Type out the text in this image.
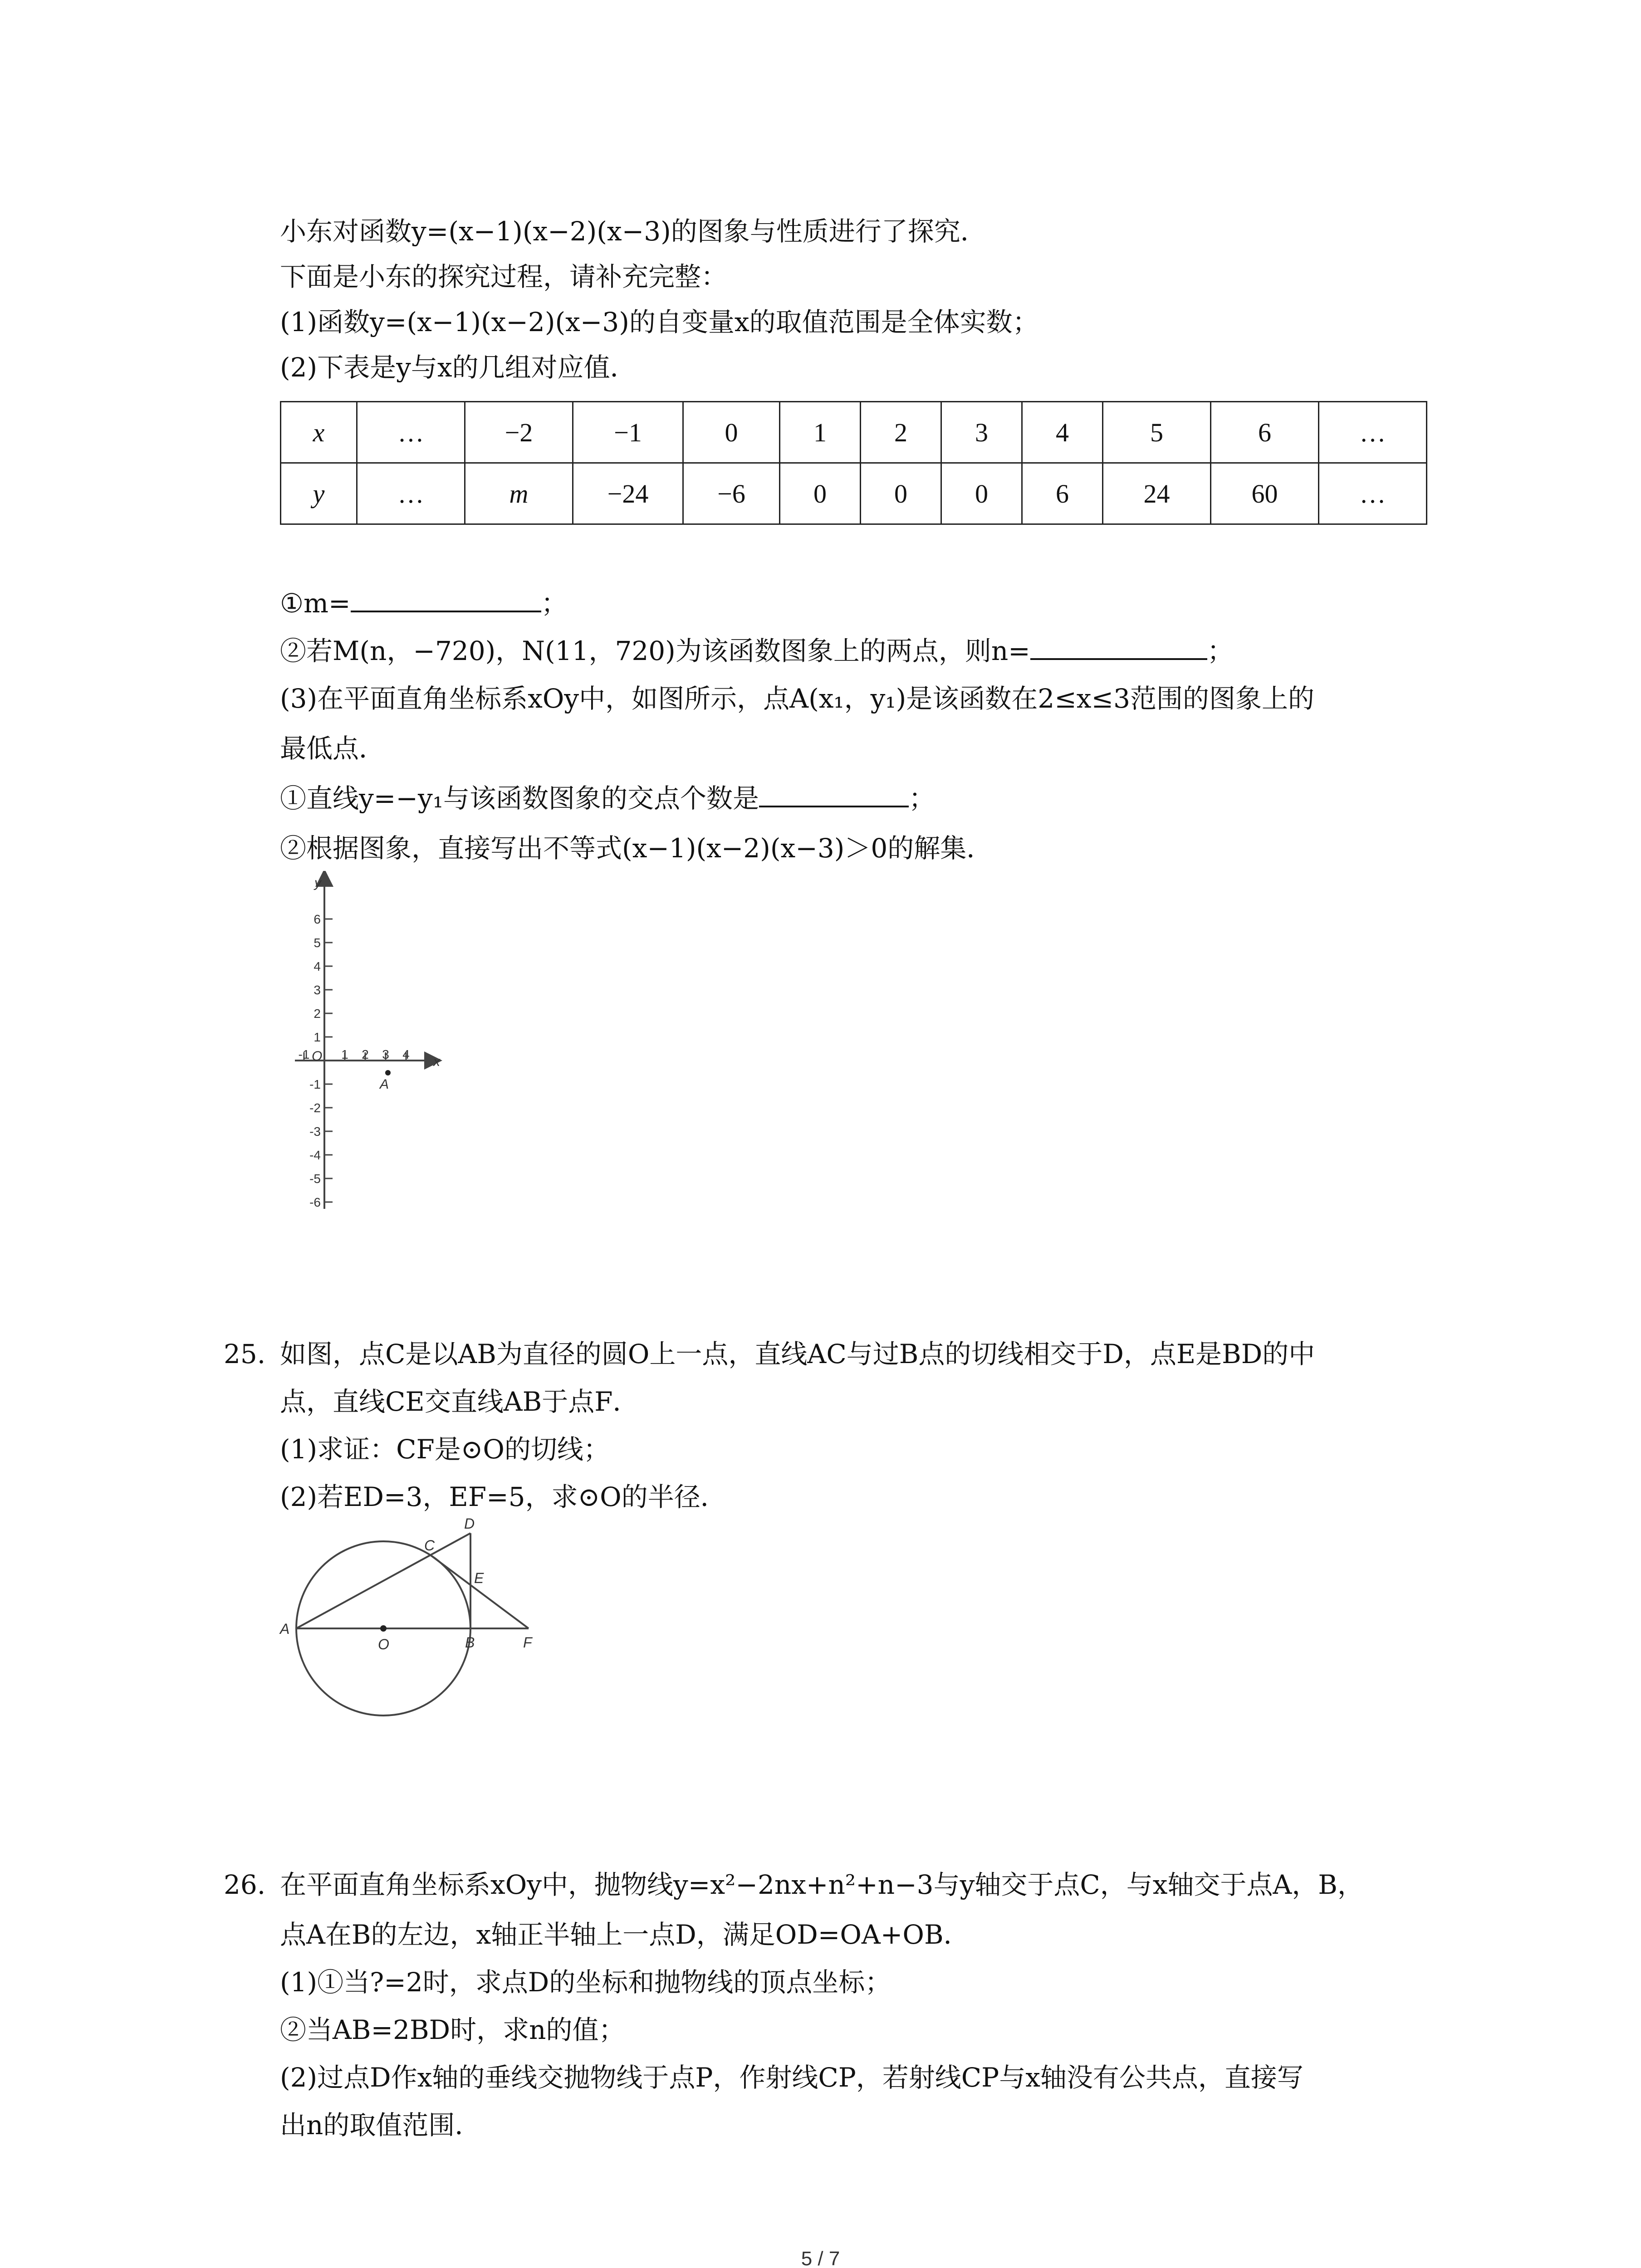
小东对函数y=(x−1)(x−2)(x−3)的图象与性质进行了探究．
下面是小东的探究过程，请补充完整：
(1)函数y=(x−1)(x−2)(x−3)的自变量x的取值范围是全体实数；
(2)下表是y与x的几组对应值．
x	…	−2	−1	0	1	2	3	4	5	6	…
y	…	m	−24	−6	0	0	0	6	24	60	…
①m=	；
②若M(n，−720)，N(11，720)为该函数图象上的两点，则n=	；
(3)在平面直角坐标系xOy中，如图所示，点A(x₁，y₁)是该函数在2≤x≤3范围的图象上的
最低点．
①直线y=−y₁与该函数图象的交点个数是	；
②根据图象，直接写出不等式(x−1)(x−2)(x−3)＞0的解集．
6
5
4
3
2
1
-1
-2
-3
-4
-5
-6
-1 1 2 3 4
y
x
O
A
25. 如图，点C是以AB为直径的圆O上一点，直线AC与过B点的切线相交于D，点E是BD的中
点，直线CE交直线AB于点F．
(1)求证：CF是⊙O的切线；
(2)若ED=3，EF=5，求⊙O的半径．
A
O	B	F
C
D
E
26. 在平面直角坐标系xOy中，抛物线y=x²−2nx+n²+n−3与y轴交于点C，与x轴交于点A，B，
点A在B的左边，x轴正半轴上一点D，满足OD=OA+OB．
(1)①当?=2时，求点D的坐标和抛物线的顶点坐标；
②当AB=2BD时，求n的值；
(2)过点D作x轴的垂线交抛物线于点P，作射线CP，若射线CP与x轴没有公共点，直接写
出n的取值范围．
5 / 7
